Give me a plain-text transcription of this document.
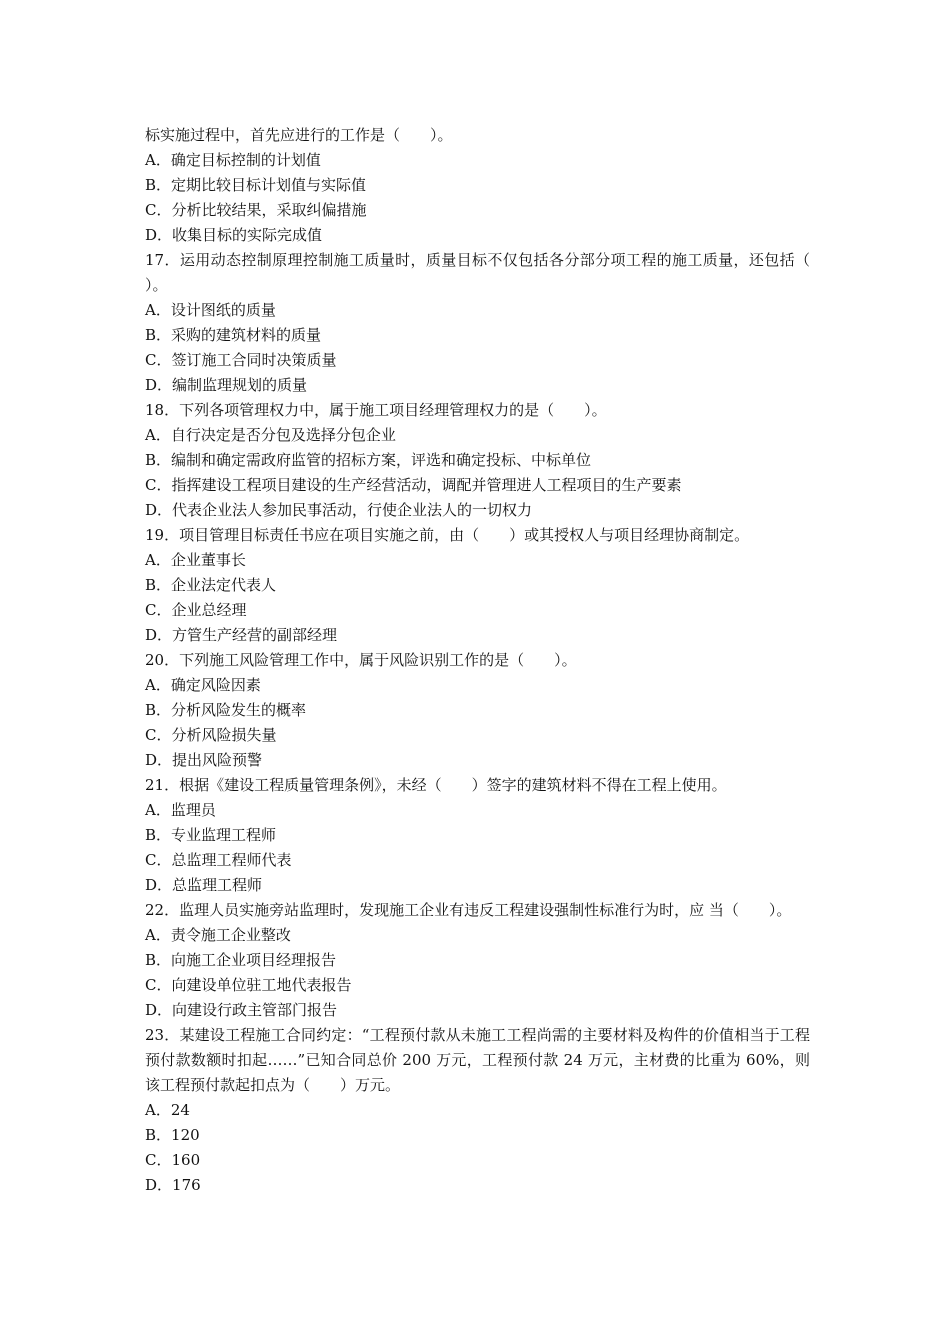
标实施过程中，首先应进行的工作是（　　）。

A．确定目标控制的计划值

B．定期比较目标计划值与实际值

C．分析比较结果，采取纠偏措施

D．收集目标的实际完成值

17．运用动态控制原理控制施工质量时，质量目标不仅包括各分部分项工程的施工质量，还包括（　　）。

A．设计图纸的质量

B．采购的建筑材料的质量

C．签订施工合同时决策质量

D．编制监理规划的质量

18．下列各项管理权力中，属于施工项目经理管理权力的是（　　）。

A．自行决定是否分包及选择分包企业

B．编制和确定需政府监管的招标方案，评选和确定投标、中标单位

C．指挥建设工程项目建设的生产经营活动，调配并管理进人工程项目的生产要素

D．代表企业法人参加民事活动，行使企业法人的一切权力

19．项目管理目标责任书应在项目实施之前，由（　　）或其授权人与项目经理协商制定。

A．企业董事长

B．企业法定代表人

C．企业总经理

D．方管生产经营的副部经理

20．下列施工风险管理工作中，属于风险识别工作的是（　　）。

A．确定风险因素

B．分析风险发生的概率

C．分析风险损失量

D．提出风险预警

21．根据《建设工程质量管理条例》，未经（　　）签字的建筑材料不得在工程上使用。

A．监理员

B．专业监理工程师

C．总监理工程师代表

D．总监理工程师

22．监理人员实施旁站监理时，发现施工企业有违反工程建设强制性标准行为时，应 当（　　）。

A．责令施工企业整改

B．向施工企业项目经理报告

C．向建设单位驻工地代表报告

D．向建设行政主管部门报告

23．某建设工程施工合同约定：“工程预付款从未施工工程尚需的主要材料及构件的价值相当于工程预付款数额时扣起……”已知合同总价 200 万元，工程预付款 24 万元，主材费的比重为 60%，则该工程预付款起扣点为（　　）万元。

A．24

B．120

C．160

D．176
